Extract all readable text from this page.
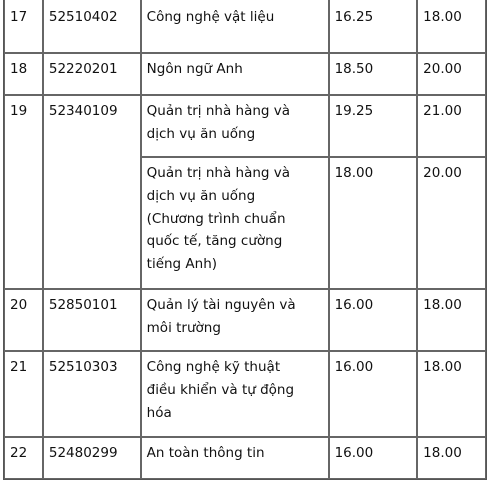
17	52510402	Công nghệ vật liệu	16.25	18.00

18	52220201	Ngôn ngữ Anh	18.50	20.00

19	52340109	Quản trị nhà hàng và
dịch vụ ăn uống	19.25	21.00

		Quản trị nhà hàng và
dịch vụ ăn uống
(Chương trình chuẩn
quốc tế, tăng cường
tiếng Anh)	18.00	20.00

20	52850101	Quản lý tài nguyên và
môi trường	16.00	18.00

21	52510303	Công nghệ kỹ thuật
điều khiển và tự động
hóa	16.00	18.00

22	52480299	An toàn thông tin	16.00	18.00
